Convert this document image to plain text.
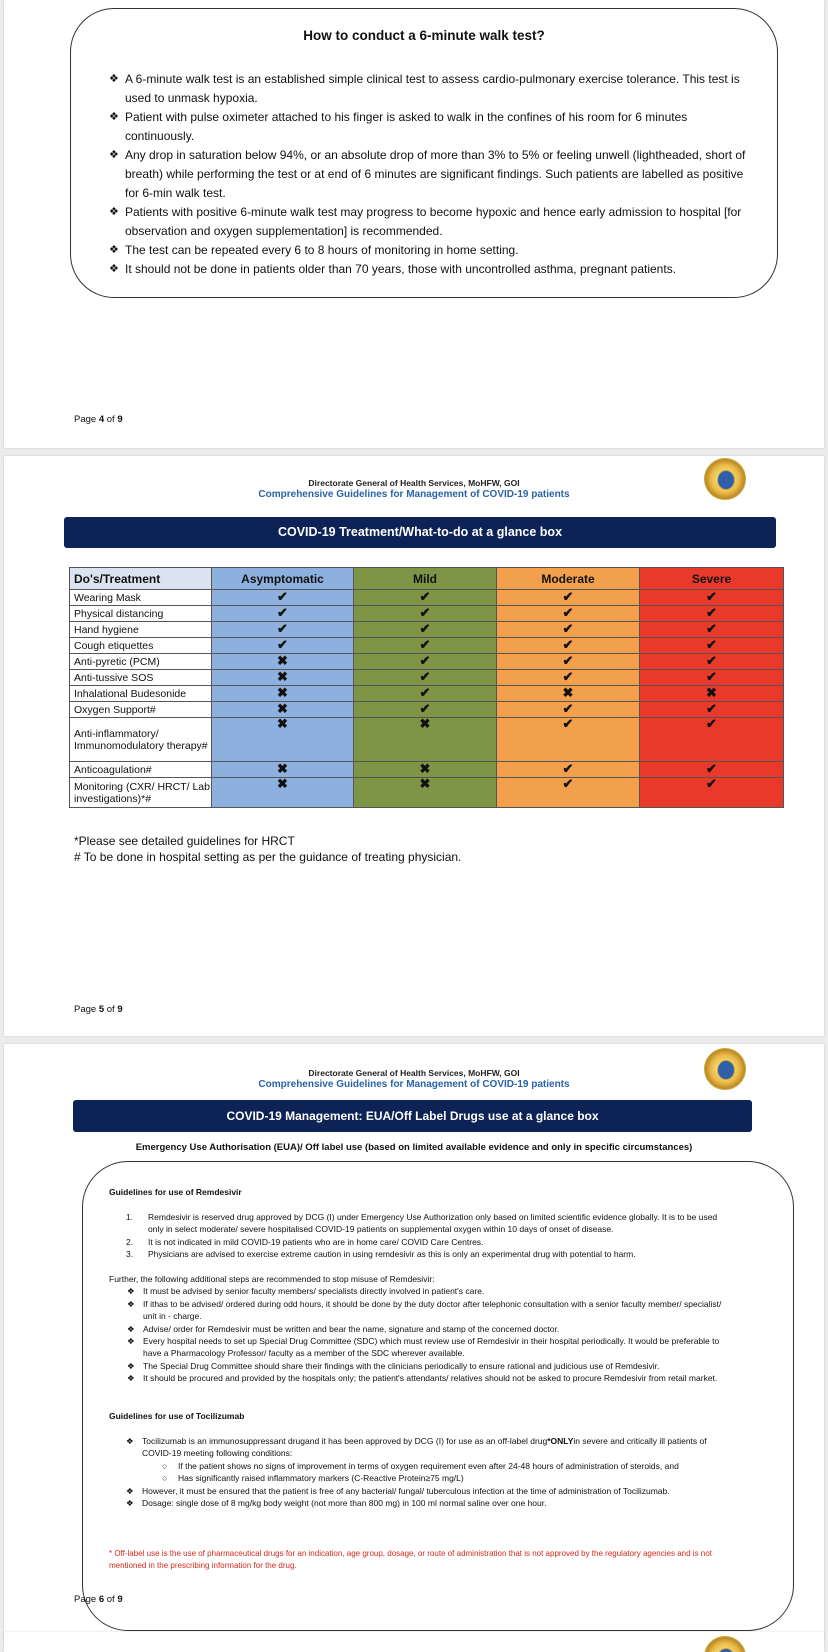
How to conduct a 6-minute walk test?
❖ A 6-minute walk test is an established simple clinical test to assess cardio-pulmonary exercise tolerance. This test is used to unmask hypoxia.
❖ Patient with pulse oximeter attached to his finger is asked to walk in the confines of his room for 6 minutes continuously.
❖ Any drop in saturation below 94%, or an absolute drop of more than 3% to 5% or feeling unwell (lightheaded, short of breath) while performing the test or at end of 6 minutes are significant findings. Such patients are labelled as positive for 6-min walk test.
❖ Patients with positive 6-minute walk test may progress to become hypoxic and hence early admission to hospital [for observation and oxygen supplementation] is recommended.
❖ The test can be repeated every 6 to 8 hours of monitoring in home setting.
❖ It should not be done in patients older than 70 years, those with uncontrolled asthma, pregnant patients.
Page 4 of 9
Directorate General of Health Services, MoHFW, GOI
Comprehensive Guidelines for Management of COVID-19 patients
COVID-19 Treatment/What-to-do at a glance box
Do's/Treatment	Asymptomatic	Mild	Moderate	Severe
Wearing Mask	✔	✔	✔	✔
Physical distancing	✔	✔	✔	✔
Hand hygiene	✔	✔	✔	✔
Cough etiquettes	✔	✔	✔	✔
Anti-pyretic (PCM)	✖	✔	✔	✔
Anti-tussive SOS	✖	✔	✔	✔
Inhalational Budesonide	✖	✔	✖	✖
Oxygen Support#	✖	✔	✔	✔
Anti-inflammatory/ Immunomodulatory therapy#	✖	✖	✔	✔
Anticoagulation#	✖	✖	✔	✔
Monitoring (CXR/ HRCT/ Lab investigations)*#	✖	✖	✔	✔
*Please see detailed guidelines for HRCT
# To be done in hospital setting as per the guidance of treating physician.
Page 5 of 9
Directorate General of Health Services, MoHFW, GOI
Comprehensive Guidelines for Management of COVID-19 patients
COVID-19 Management: EUA/Off Label Drugs use at a glance box
Emergency Use Authorisation (EUA)/ Off label use (based on limited available evidence and only in specific circumstances)
Guidelines for use of Remdesivir
1. Remdesivir is reserved drug approved by DCG (I) under Emergency Use Authorization only based on limited scientific evidence globally. It is to be used only in select moderate/ severe hospitalised COVID-19 patients on supplemental oxygen within 10 days of onset of disease.
2. It is not indicated in mild COVID-19 patients who are in home care/ COVID Care Centres.
3. Physicians are advised to exercise extreme caution in using remdesivir as this is only an experimental drug with potential to harm.
Further, the following additional steps are recommended to stop misuse of Remdesivir:
❖ It must be advised by senior faculty members/ specialists directly involved in patient's care.
❖ If ithas to be advised/ ordered during odd hours, it should be done by the duty doctor after telephonic consultation with a senior faculty member/ specialist/ unit in - charge.
❖ Advise/ order for Remdesivir must be written and bear the name, signature and stamp of the concerned doctor.
❖ Every hospital needs to set up Special Drug Committee (SDC) which must review use of Remdesivir in their hospital periodically. It would be preferable to have a Pharmacology Professor/ faculty as a member of the SDC wherever available.
❖ The Special Drug Committee should share their findings with the clinicians periodically to ensure rational and judicious use of Remdesivir.
❖ It should be procured and provided by the hospitals only; the patient's attendants/ relatives should not be asked to procure Remdesivir from retail market.
Guidelines for use of Tocilizumab
❖ Tocilizumab is an immunosuppressant drugand it has been approved by DCG (I) for use as an off-label drug*ONLYin severe and critically ill patients of COVID-19 meeting following conditions:
○ If the patient shows no signs of improvement in terms of oxygen requirement even after 24-48 hours of administration of steroids, and
○ Has significantly raised inflammatory markers (C-Reactive Protein≥75 mg/L)
❖ However, it must be ensured that the patient is free of any bacterial/ fungal/ tuberculous infection at the time of administration of Tocilizumab.
❖ Dosage: single dose of 8 mg/kg body weight (not more than 800 mg) in 100 ml normal saline over one hour.
* Off-label use is the use of pharmaceutical drugs for an indication, age group, dosage, or route of administration that is not approved by the regulatory agencies and is not mentioned in the prescribing information for the drug.
Page 6 of 9
